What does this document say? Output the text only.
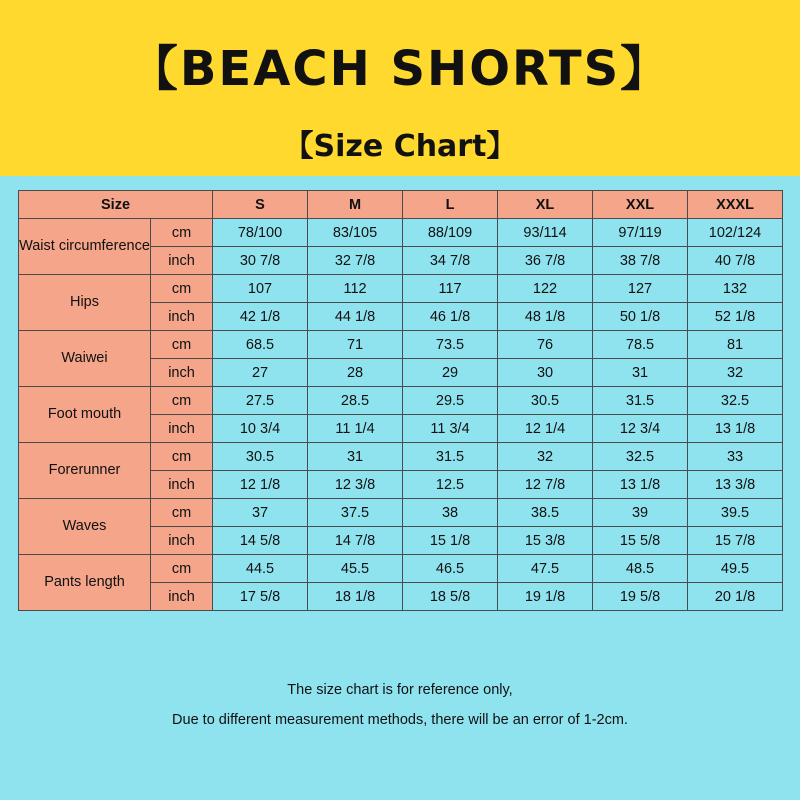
【BEACH SHORTS】
【Size Chart】
Size		S	M	L	XL	XXL	XXXL
Waist circumference	cm	78/100	83/105	88/109	93/114	97/119	102/124
	inch	30 7/8	32 7/8	34 7/8	36 7/8	38 7/8	40 7/8
Hips	cm	107	112	117	122	127	132
	inch	42 1/8	44 1/8	46 1/8	48 1/8	50 1/8	52 1/8
Waiwei	cm	68.5	71	73.5	76	78.5	81
	inch	27	28	29	30	31	32
Foot mouth	cm	27.5	28.5	29.5	30.5	31.5	32.5
	inch	10 3/4	11 1/4	11 3/4	12 1/4	12 3/4	13 1/8
Forerunner	cm	30.5	31	31.5	32	32.5	33
	inch	12 1/8	12 3/8	12.5	12 7/8	13 1/8	13 3/8
Waves	cm	37	37.5	38	38.5	39	39.5
	inch	14 5/8	14 7/8	15 1/8	15 3/8	15 5/8	15 7/8
Pants length	cm	44.5	45.5	46.5	47.5	48.5	49.5
	inch	17 5/8	18 1/8	18 5/8	19 1/8	19 5/8	20 1/8
The size chart is for reference only,
Due to different measurement methods, there will be an error of 1-2cm.
